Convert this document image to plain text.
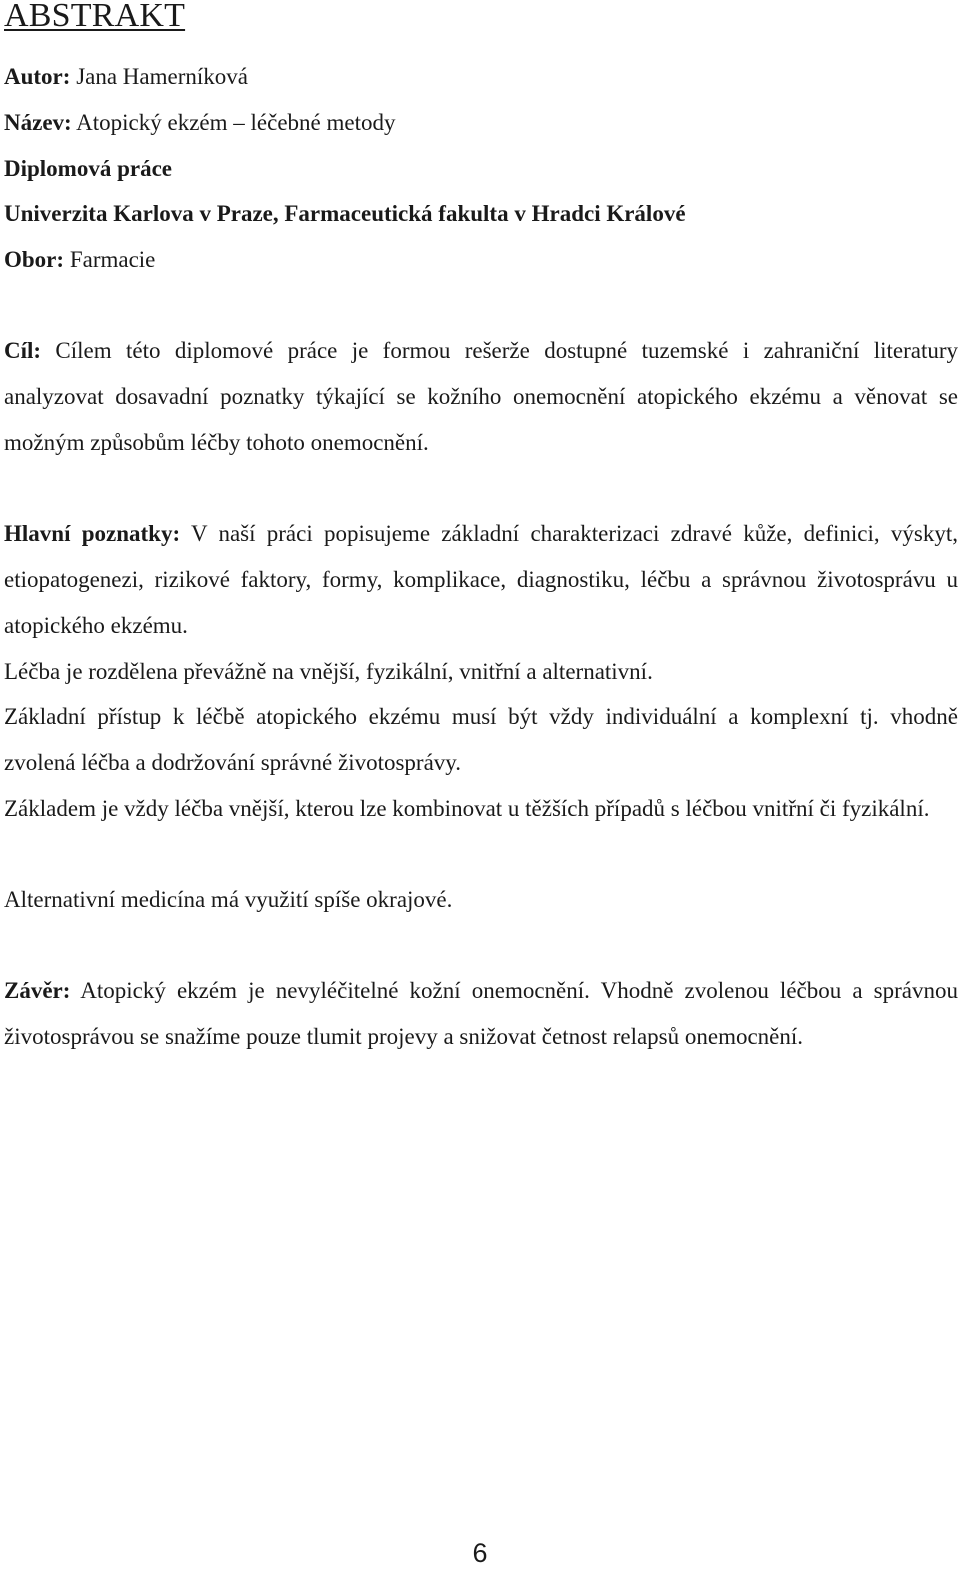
ABSTRAKT
Autor: Jana Hamerníková
Název: Atopický ekzém – léčebné metody
Diplomová práce
Univerzita Karlova v Praze, Farmaceutická fakulta v Hradci Králové
Obor: Farmacie

Cíl: Cílem této diplomové práce je formou rešerže dostupné tuzemské i zahraniční literatury analyzovat dosavadní poznatky týkající se kožního onemocnění atopického ekzému a věnovat se možným způsobům léčby tohoto onemocnění.

Hlavní poznatky: V naší práci popisujeme základní charakterizaci zdravé kůže, definici, výskyt, etiopatogenezi, rizikové faktory, formy, komplikace, diagnostiku, léčbu a správnou životosprávu u atopického ekzému.

Léčba je rozdělena převážně na vnější, fyzikální, vnitřní a alternativní.

Základní přístup k léčbě atopického ekzému musí být vždy individuální a komplexní tj. vhodně zvolená léčba a dodržování správné životosprávy.

Základem je vždy léčba vnější, kterou lze kombinovat u těžších případů s léčbou vnitřní či fyzikální.

Alternativní medicína má využití spíše okrajové.

Závěr: Atopický ekzém je nevyléčitelné kožní onemocnění. Vhodně zvolenou léčbou a správnou životosprávou se snažíme pouze tlumit projevy a snižovat četnost relapsů onemocnění.

6
